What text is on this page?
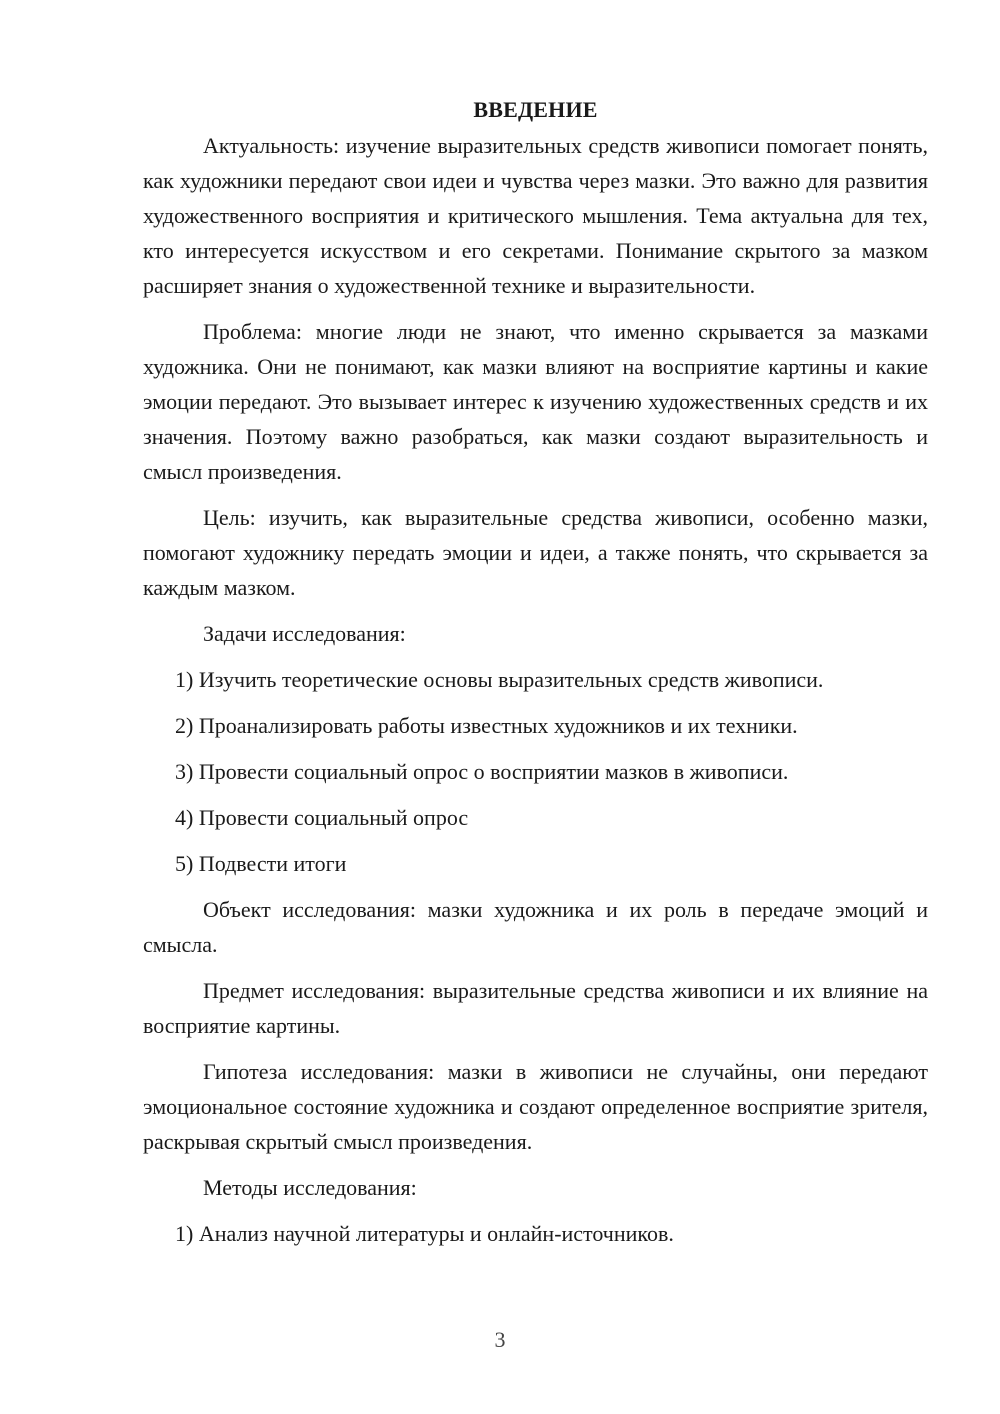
ВВЕДЕНИЕ

Актуальность: изучение выразительных средств живописи помогает понять, как художники передают свои идеи и чувства через мазки. Это важно для развития художественного восприятия и критического мышления. Тема актуальна для тех, кто интересуется искусством и его секретами. Понимание скрытого за мазком расширяет знания о художественной технике и выразительности.

Проблема: многие люди не знают, что именно скрывается за мазками художника. Они не понимают, как мазки влияют на восприятие картины и какие эмоции передают. Это вызывает интерес к изучению художественных средств и их значения. Поэтому важно разобраться, как мазки создают выразительность и смысл произведения.

Цель: изучить, как выразительные средства живописи, особенно мазки, помогают художнику передать эмоции и идеи, а также понять, что скрывается за каждым мазком.

Задачи исследования:
1) Изучить теоретические основы выразительных средств живописи.
2) Проанализировать работы известных художников и их техники.
3) Провести социальный опрос о восприятии мазков в живописи.
4) Провести социальный опрос
5) Подвести итоги

Объект исследования: мазки художника и их роль в передаче эмоций и смысла.

Предмет исследования: выразительные средства живописи и их влияние на восприятие картины.

Гипотеза исследования: мазки в живописи не случайны, они передают эмоциональное состояние художника и создают определенное восприятие зрителя, раскрывая скрытый смысл произведения.

Методы исследования:
1) Анализ научной литературы и онлайн-источников.
3
